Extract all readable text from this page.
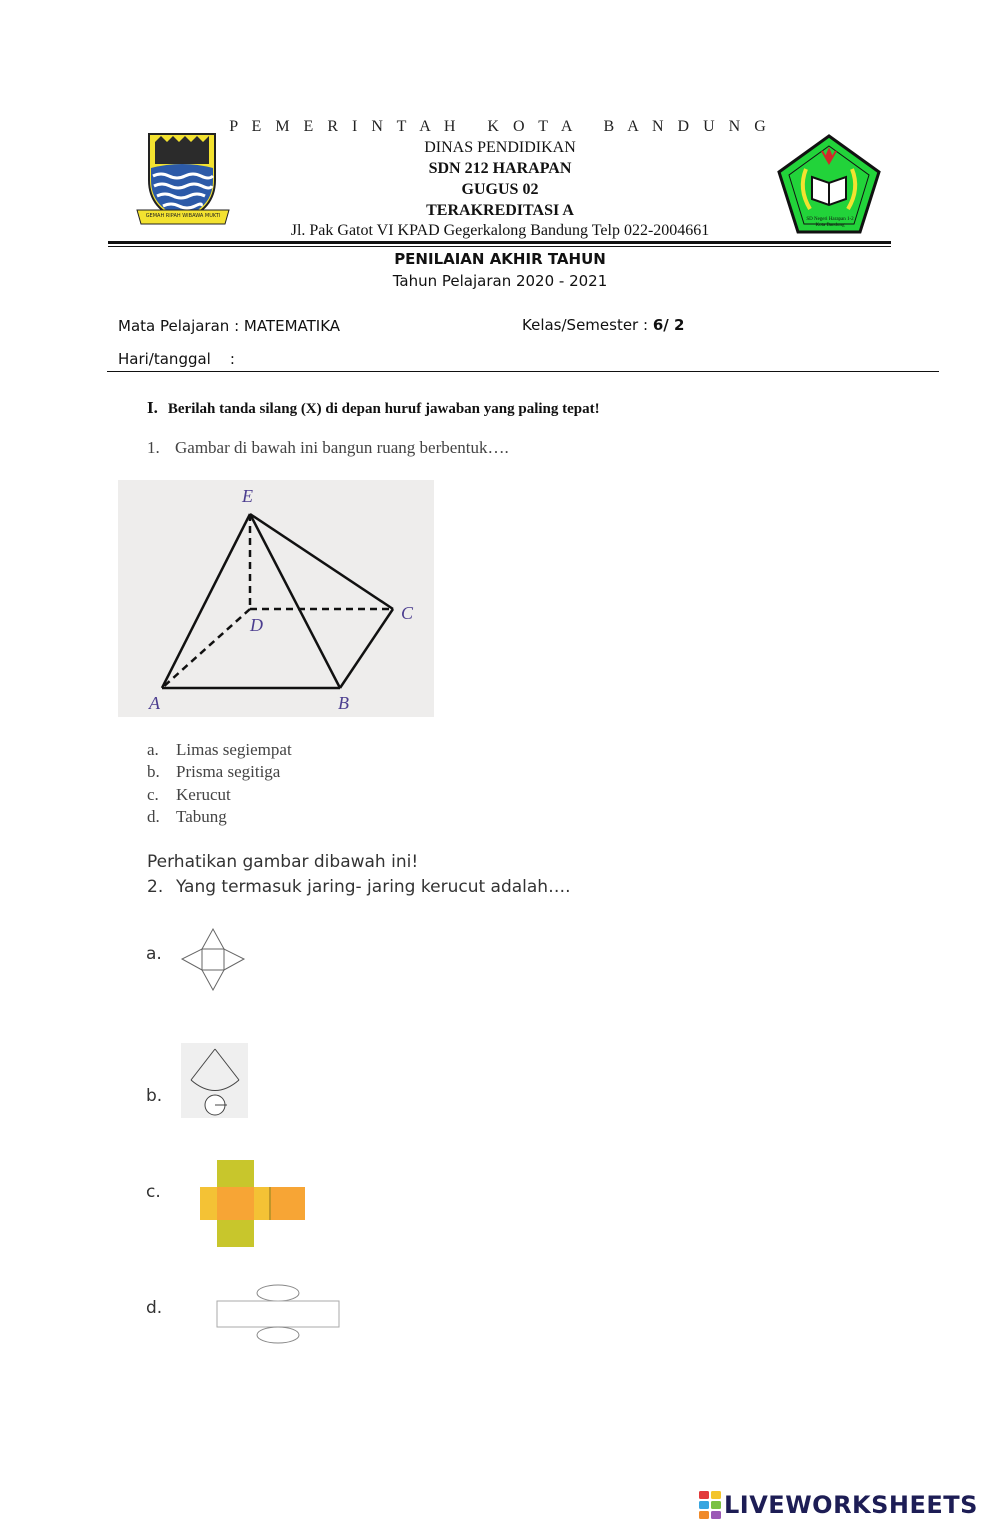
GEMAH RIPAH WIBAWA MUKTI
P E M E R I N T A H   K O T A   B A N D U N G
DINAS PENDIDIKAN
SDN 212 HARAPAN
GUGUS 02
TERAKREDITASI A
Jl. Pak Gatot VI KPAD Gegerkalong Bandung Telp 022-2004661
SD Negeri Harapan 1-2
Kota Bandung
PENILAIAN AKHIR TAHUN
Tahun Pelajaran 2020 - 2021
Mata Pelajaran : MATEMATIKA	Kelas/Semester : 6/ 2
Hari/tanggal    :
I. Berilah tanda silang (X) di depan huruf jawaban yang paling tepat!
1. Gambar di bawah ini bangun ruang berbentuk….
E
D
C
A	B
a. Limas segiempat
b. Prisma segitiga
c. Kerucut
d. Tabung
Perhatikan gambar dibawah ini!
2. Yang termasuk jaring- jaring kerucut adalah….
a.
b.
c.
d.
LIVEWORKSHEETS
